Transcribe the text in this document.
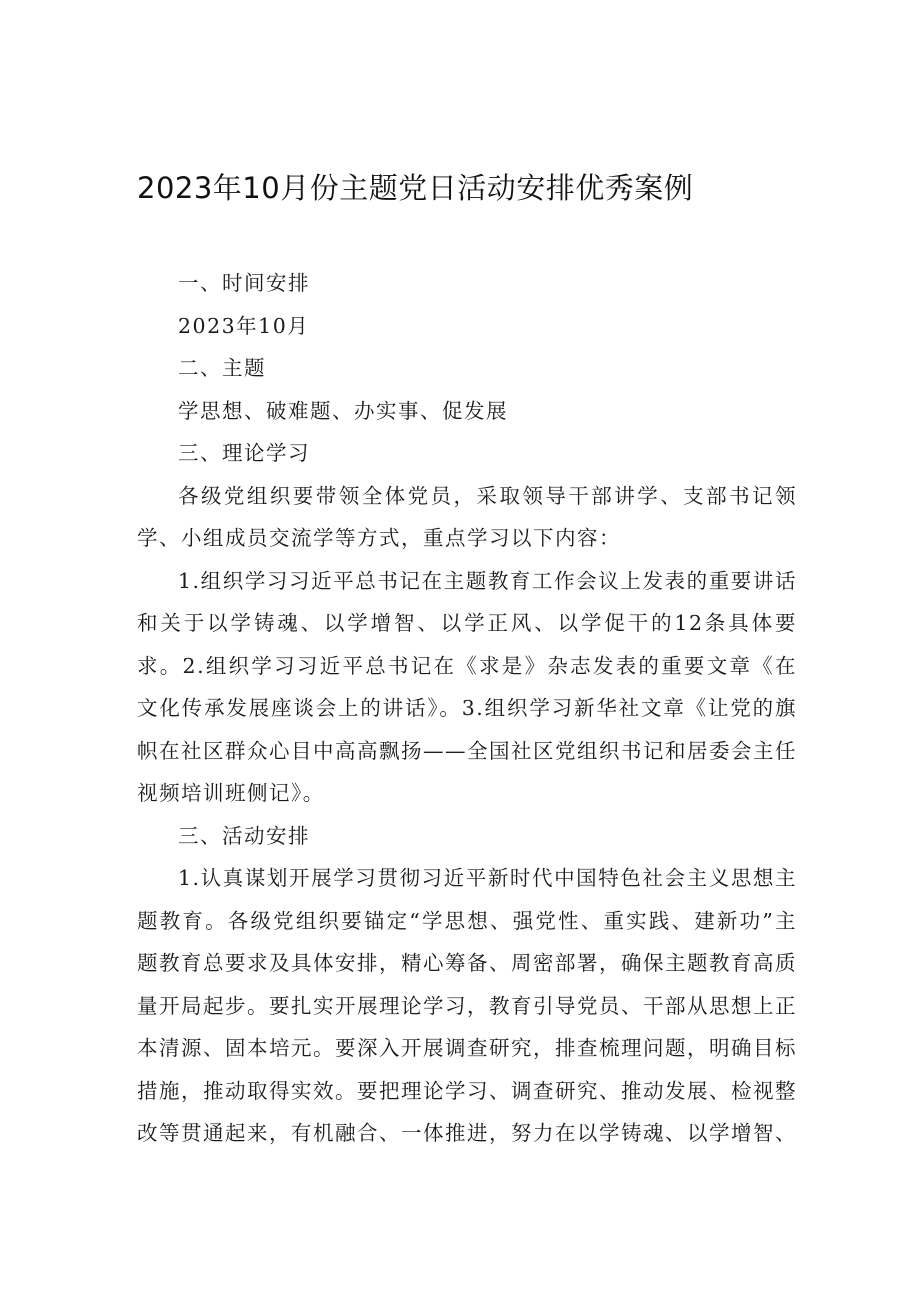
2023年10月份主题党日活动安排优秀案例

一、时间安排

2023年10月

二、主题

学思想、破难题、办实事、促发展

三、理论学习

各级党组织要带领全体党员，采取领导干部讲学、支部书记领学、小组成员交流学等方式，重点学习以下内容：

1.组织学习习近平总书记在主题教育工作会议上发表的重要讲话和关于以学铸魂、以学增智、以学正风、以学促干的12条具体要求。2.组织学习习近平总书记在《求是》杂志发表的重要文章《在文化传承发展座谈会上的讲话》。3.组织学习新华社文章《让党的旗帜在社区群众心目中高高飘扬——全国社区党组织书记和居委会主任视频培训班侧记》。

三、活动安排

1.认真谋划开展学习贯彻习近平新时代中国特色社会主义思想主题教育。各级党组织要锚定“学思想、强党性、重实践、建新功”主题教育总要求及具体安排，精心筹备、周密部署，确保主题教育高质量开局起步。要扎实开展理论学习，教育引导党员、干部从思想上正本清源、固本培元。要深入开展调查研究，排查梳理问题，明确目标措施，推动取得实效。要把理论学习、调查研究、推动发展、检视整改等贯通起来，有机融合、一体推进，努力在以学铸魂、以学增智、
